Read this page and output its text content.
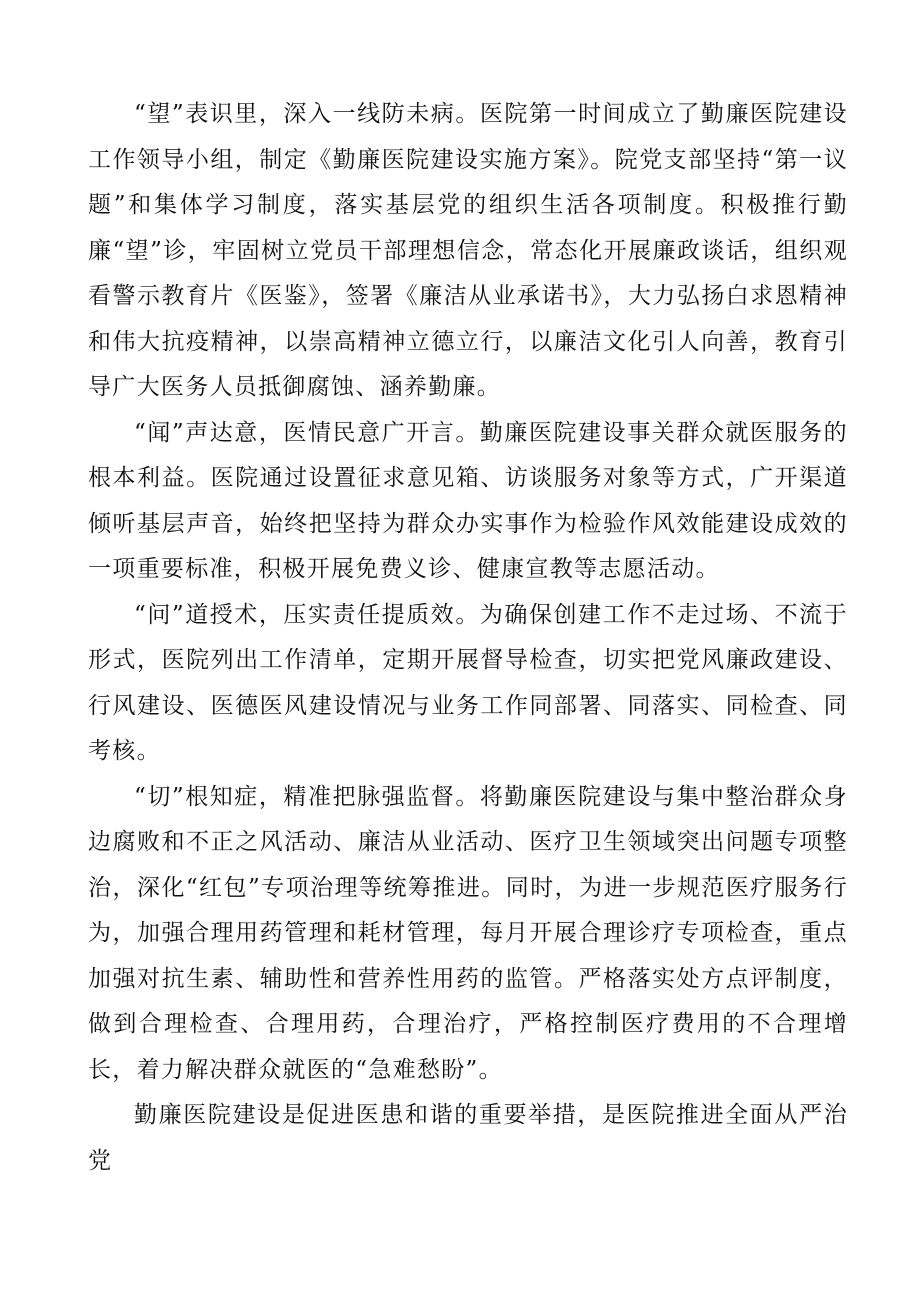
“望”表识里，深入一线防未病。医院第一时间成立了勤廉医院建设工作领导小组，制定《勤廉医院建设实施方案》。院党支部坚持“第一议题”和集体学习制度，落实基层党的组织生活各项制度。积极推行勤廉“望”诊，牢固树立党员干部理想信念，常态化开展廉政谈话，组织观看警示教育片《医鉴》，签署《廉洁从业承诺书》，大力弘扬白求恩精神和伟大抗疫精神，以崇高精神立德立行，以廉洁文化引人向善，教育引导广大医务人员抵御腐蚀、涵养勤廉。

“闻”声达意，医情民意广开言。勤廉医院建设事关群众就医服务的根本利益。医院通过设置征求意见箱、访谈服务对象等方式，广开渠道倾听基层声音，始终把坚持为群众办实事作为检验作风效能建设成效的一项重要标准，积极开展免费义诊、健康宣教等志愿活动。

“问”道授术，压实责任提质效。为确保创建工作不走过场、不流于形式，医院列出工作清单，定期开展督导检查，切实把党风廉政建设、行风建设、医德医风建设情况与业务工作同部署、同落实、同检查、同考核。

“切”根知症，精准把脉强监督。将勤廉医院建设与集中整治群众身边腐败和不正之风活动、廉洁从业活动、医疗卫生领域突出问题专项整治，深化“红包”专项治理等统筹推进。同时，为进一步规范医疗服务行为，加强合理用药管理和耗材管理，每月开展合理诊疗专项检查，重点加强对抗生素、辅助性和营养性用药的监管。严格落实处方点评制度，做到合理检查、合理用药，合理治疗，严格控制医疗费用的不合理增长，着力解决群众就医的“急难愁盼”。

勤廉医院建设是促进医患和谐的重要举措，是医院推进全面从严治党
